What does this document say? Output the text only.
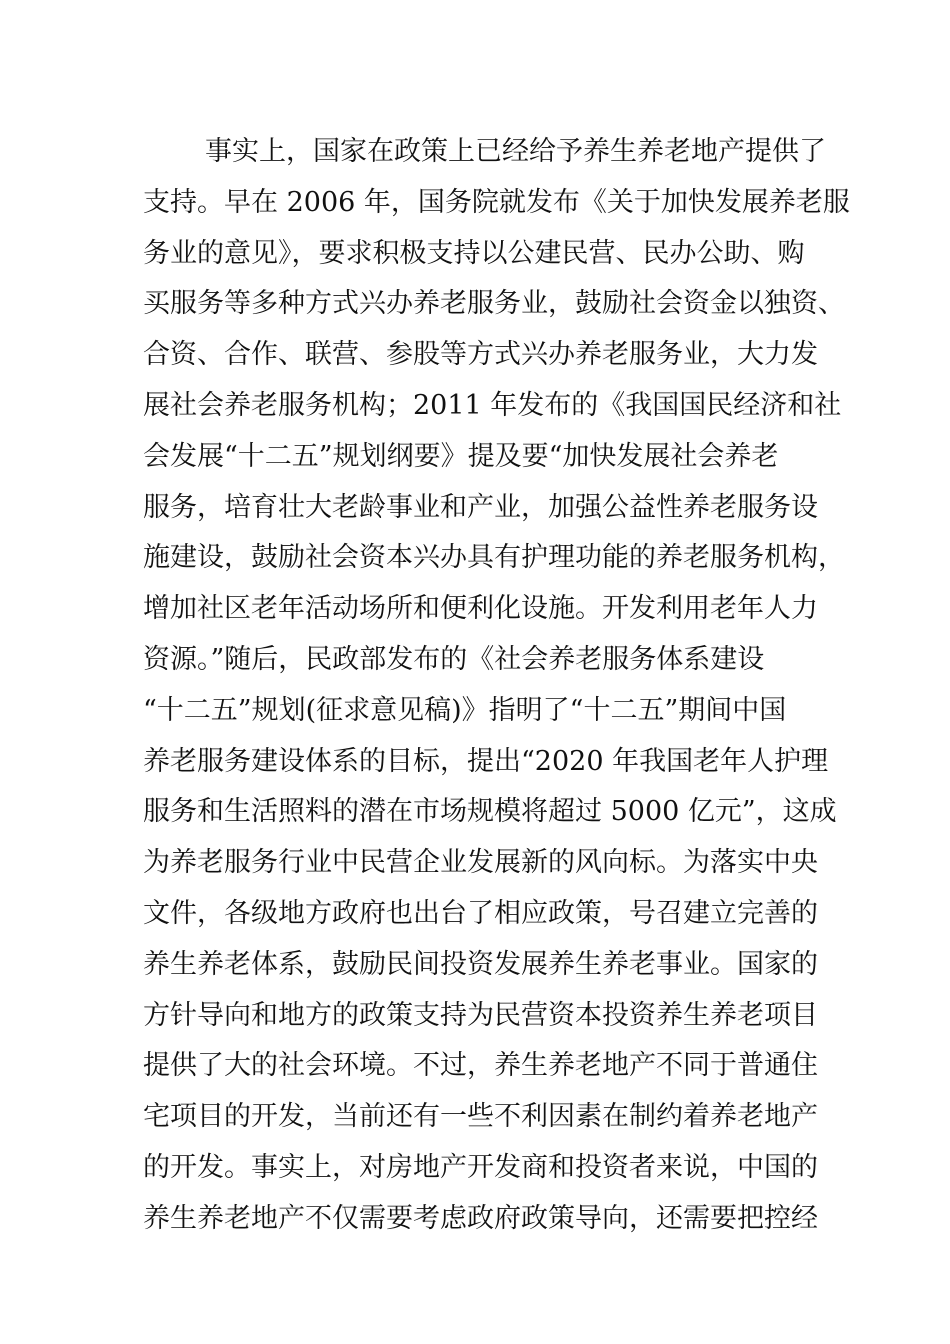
事实上，国家在政策上已经给予养生养老地产提供了
支持。早在 2006 年，国务院就发布《关于加快发展养老服
务业的意见》，要求积极支持以公建民营、民办公助、购
买服务等多种方式兴办养老服务业，鼓励社会资金以独资、
合资、合作、联营、参股等方式兴办养老服务业，大力发
展社会养老服务机构；2011 年发布的《我国国民经济和社
会发展“十二五”规划纲要》提及要“加快发展社会养老
服务，培育壮大老龄事业和产业，加强公益性养老服务设
施建设，鼓励社会资本兴办具有护理功能的养老服务机构，
增加社区老年活动场所和便利化设施。开发利用老年人力
资源。”随后，民政部发布的《社会养老服务体系建设
“十二五”规划(征求意见稿)》指明了“十二五”期间中国
养老服务建设体系的目标，提出“2020 年我国老年人护理
服务和生活照料的潜在市场规模将超过 5000 亿元”，这成
为养老服务行业中民营企业发展新的风向标。为落实中央
文件，各级地方政府也出台了相应政策，号召建立完善的
养生养老体系，鼓励民间投资发展养生养老事业。国家的
方针导向和地方的政策支持为民营资本投资养生养老项目
提供了大的社会环境。不过，养生养老地产不同于普通住
宅项目的开发，当前还有一些不利因素在制约着养老地产
的开发。事实上，对房地产开发商和投资者来说，中国的
养生养老地产不仅需要考虑政府政策导向，还需要把控经
